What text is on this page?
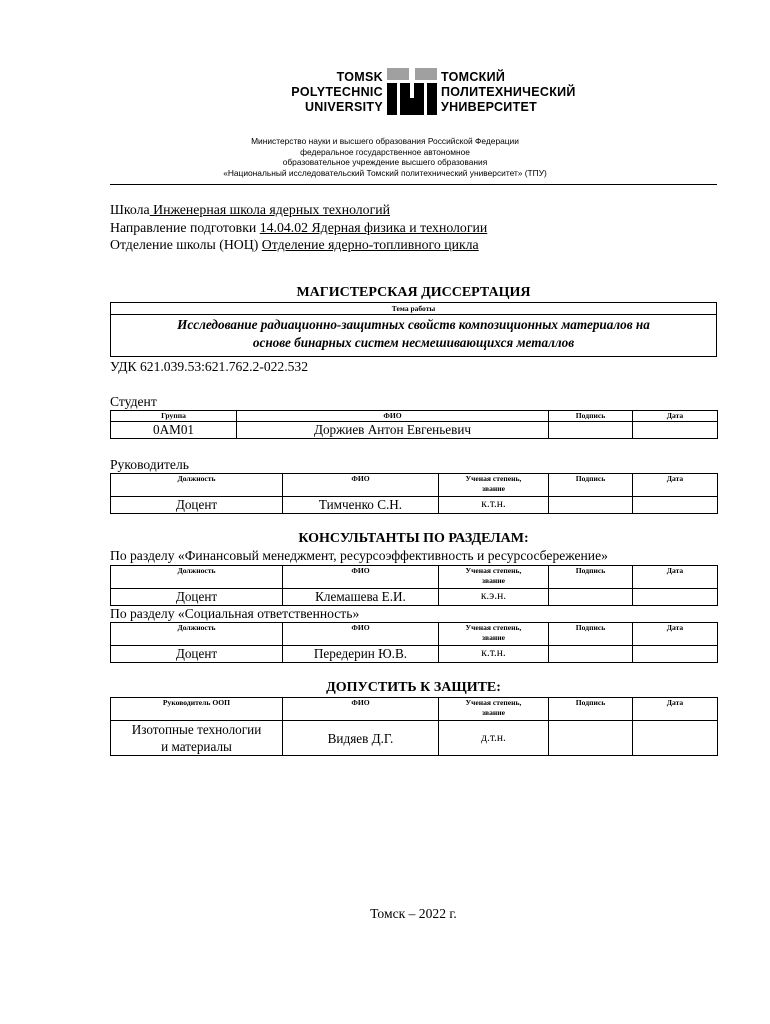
TOMSK
POLYTECHNIC
UNIVERSITY
ТОМСКИЙ
ПОЛИТЕХНИЧЕСКИЙ
УНИВЕРСИТЕТ
Министерство науки и высшего образования Российской Федерации
федеральное государственное автономное
образовательное учреждение высшего образования
«Национальный исследовательский Томский политехнический университет» (ТПУ)
Школа Инженерная школа ядерных технологий
Направление подготовки 14.04.02 Ядерная физика и технологии
Отделение школы (НОЦ) Отделение ядерно-топливного цикла
МАГИСТЕРСКАЯ ДИССЕРТАЦИЯ
Тема работы
Исследование радиационно-защитных свойств композиционных материалов на
основе бинарных систем несмешивающихся металлов
УДК 621.039.53:621.762.2-022.532
Студент
Группа	ФИО	Подпись	Дата
0АМ01	Доржиев Антон Евгеньевич		
Руководитель
Должность	ФИО	Ученая степень,
звание	Подпись	Дата
Доцент	Тимченко С.Н.	к.т.н.		
КОНСУЛЬТАНТЫ ПО РАЗДЕЛАМ:
По разделу «Финансовый менеджмент, ресурсоэффективность и ресурсосбережение»
Должность	ФИО	Ученая степень,
звание	Подпись	Дата
Доцент	Клемашева Е.И.	к.э.н.		
По разделу «Социальная ответственность»
Должность	ФИО	Ученая степень,
звание	Подпись	Дата
Доцент	Передерин Ю.В.	к.т.н.		
ДОПУСТИТЬ К ЗАЩИТЕ:
Руководитель ООП	ФИО	Ученая степень,
звание	Подпись	Дата

Изотопные технологии
и материалы	Видяев Д.Г.	д.т.н.		
Томск – 2022 г.
